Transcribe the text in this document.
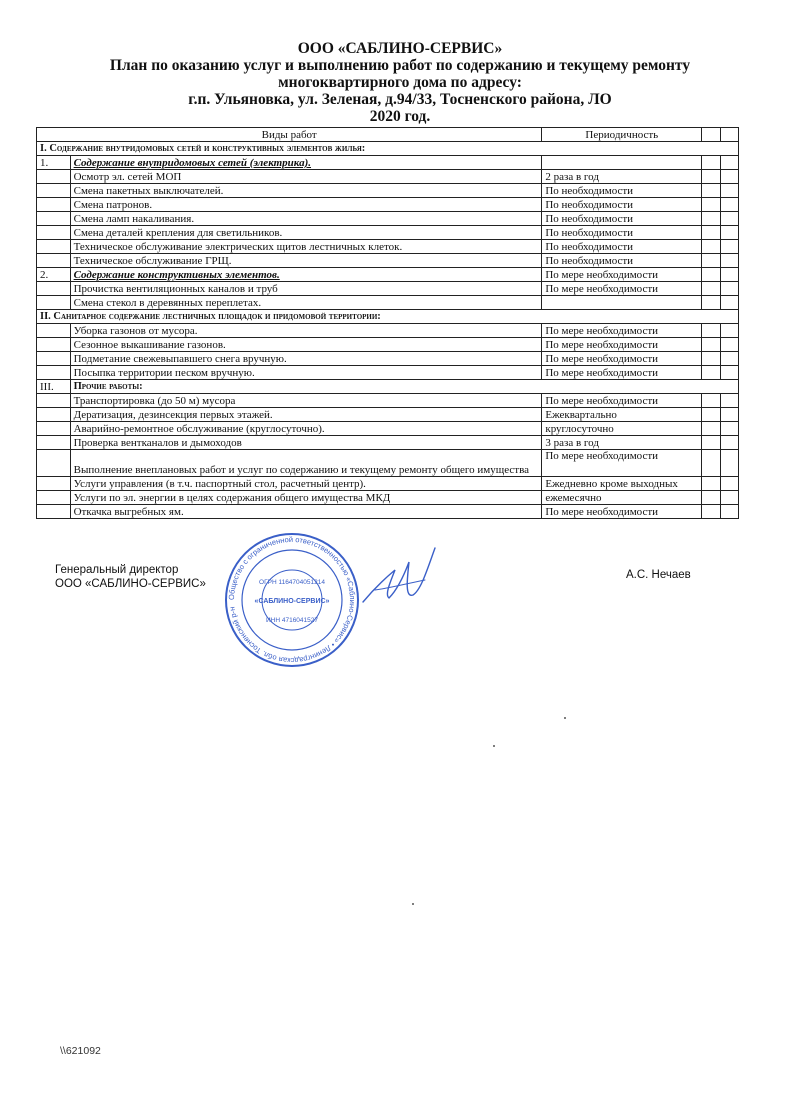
ООО «САБЛИНО-СЕРВИС»
План по оказанию услуг и выполнению работ по содержанию и текущему ремонту
многоквартирного дома по адресу:
г.п. Ульяновка, ул. Зеленая, д.94/33, Тосненского района, ЛО
2020 год.
Виды работ		Периодичность		
I. Содержание внутридомовых сетей и конструктивных элементов жилья:				
1.	Содержание внутридомовых сетей (электрика).			
	Осмотр эл. сетей МОП	2 раза в год		
	Смена пакетных выключателей.	По необходимости		
	Смена патронов.	По необходимости		
	Смена ламп накаливания.	По необходимости		
	Смена деталей крепления для светильников.	По необходимости		
	Техническое обслуживание электрических щитов лестничных клеток.	По необходимости		
	Техническое обслуживание ГРЩ.	По необходимости		
2.	Содержание конструктивных элементов.	По мере необходимости		
	Прочистка вентиляционных каналов и труб	По мере необходимости		
	Смена стекол в деревянных переплетах.			
II. Санитарное содержание лестничных площадок и придомовой территории:				
	Уборка газонов от мусора.	По мере необходимости		
	Сезонное выкашивание газонов.	По мере необходимости		
	Подметание свежевыпавшего снега вручную.	По мере необходимости		
	Посыпка территории песком вручную.	По мере необходимости		
III.	Прочие работы:			
	Транспортировка (до 50 м) мусора	По мере необходимости		
	Дератизация, дезинсекция первых этажей.	Ежеквартально		
	Аварийно-ремонтное обслуживание (круглосуточно).	круглосуточно		
	Проверка вентканалов и дымоходов	3 раза в год		
	Выполнение внеплановых работ и услуг по содержанию и текущему ремонту общего имущества	По мере необходимости		
	Услуги управления (в т.ч. паспортный стол, расчетный центр).	Ежедневно кроме выходных		
	Услуги по эл. энергии в целях содержания общего имущества МКД	ежемесячно		
	Откачка выгребных ям.	По мере необходимости		
Генеральный директор
ООО «САБЛИНО-СЕРВИС»
А.С. Нечаев
Общество с ограниченной ответственностью «Саблино-Сервис» • Ленинградская обл. Тосненский р-н
ОГРН 1164704051214
«САБЛИНО-СЕРВИС»
ИНН 4716041527
\\621092
